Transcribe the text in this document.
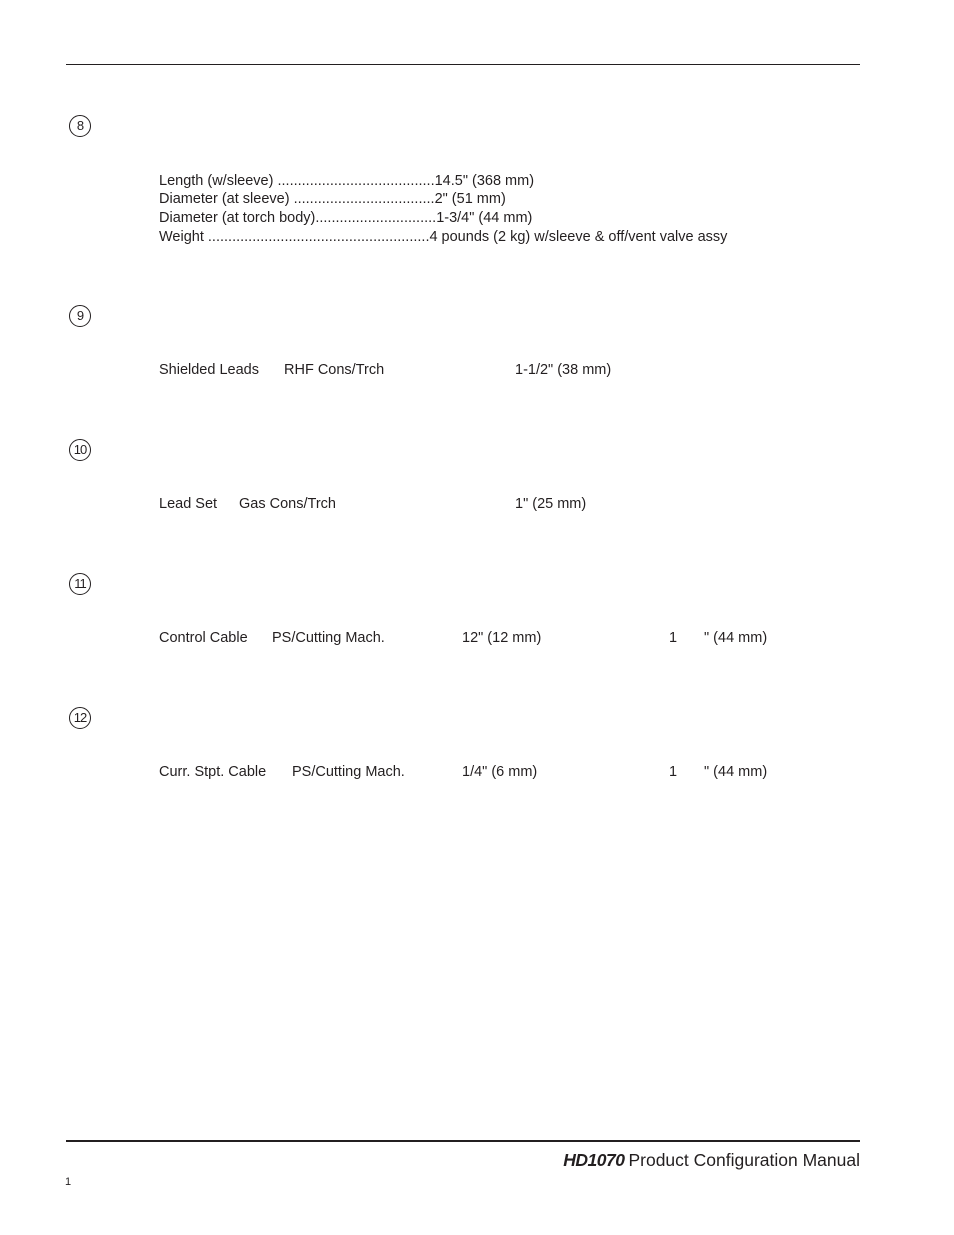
8
Length (w/sleeve) .......................................14.5" (368 mm)
Diameter (at sleeve) ...................................2" (51 mm)
Diameter (at torch body)..............................1-3/4" (44 mm)
Weight .......................................................4 pounds (2 kg) w/sleeve & off/vent valve assy
9
Shielded Leads RHF Cons/Trch	1-1/2" (38 mm)
10
Lead Set Gas Cons/Trch	1" (25 mm)
11
Control Cable PS/Cutting Mach.	12" (12 mm)	1 " (44 mm)
12
Curr. Stpt. Cable PS/Cutting Mach.	1/4" (6 mm)	1 " (44 mm)
HD1070 Product Configuration Manual
1
